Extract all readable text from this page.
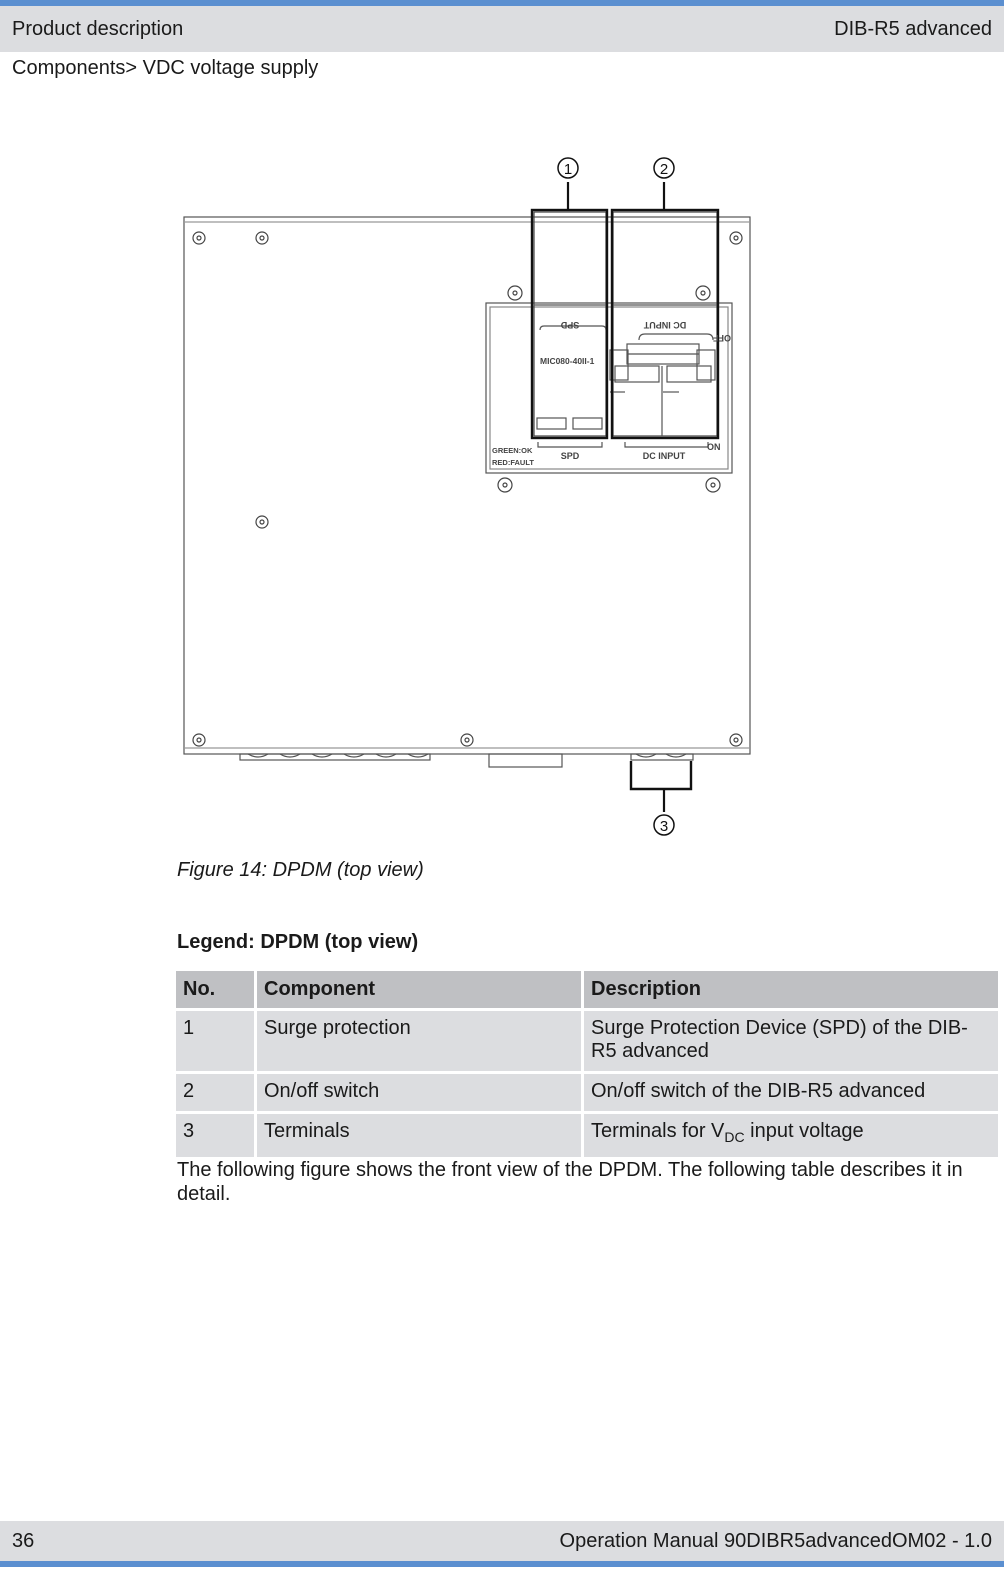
Product description	DIB-R5 advanced
Components> VDC voltage supply
1	2
3
SPD	DC INPUT
OFF
MIC080-40II-1
ON
GREEN:OK
RED:FAULT
SPD	DC INPUT
Figure 14: DPDM (top view)
Legend: DPDM (top view)
No.	Component	Description
1	Surge protection	Surge Protection Device (SPD) of the DIB-R5 advanced
2	On/off switch	On/off switch of the DIB-R5 advanced
3	Terminals	Terminals for $V_{DC}$ input voltage
The following figure shows the front view of the DPDM. The following table describes it in detail.
36	Operation Manual 90DIBR5advancedOM02 - 1.0
